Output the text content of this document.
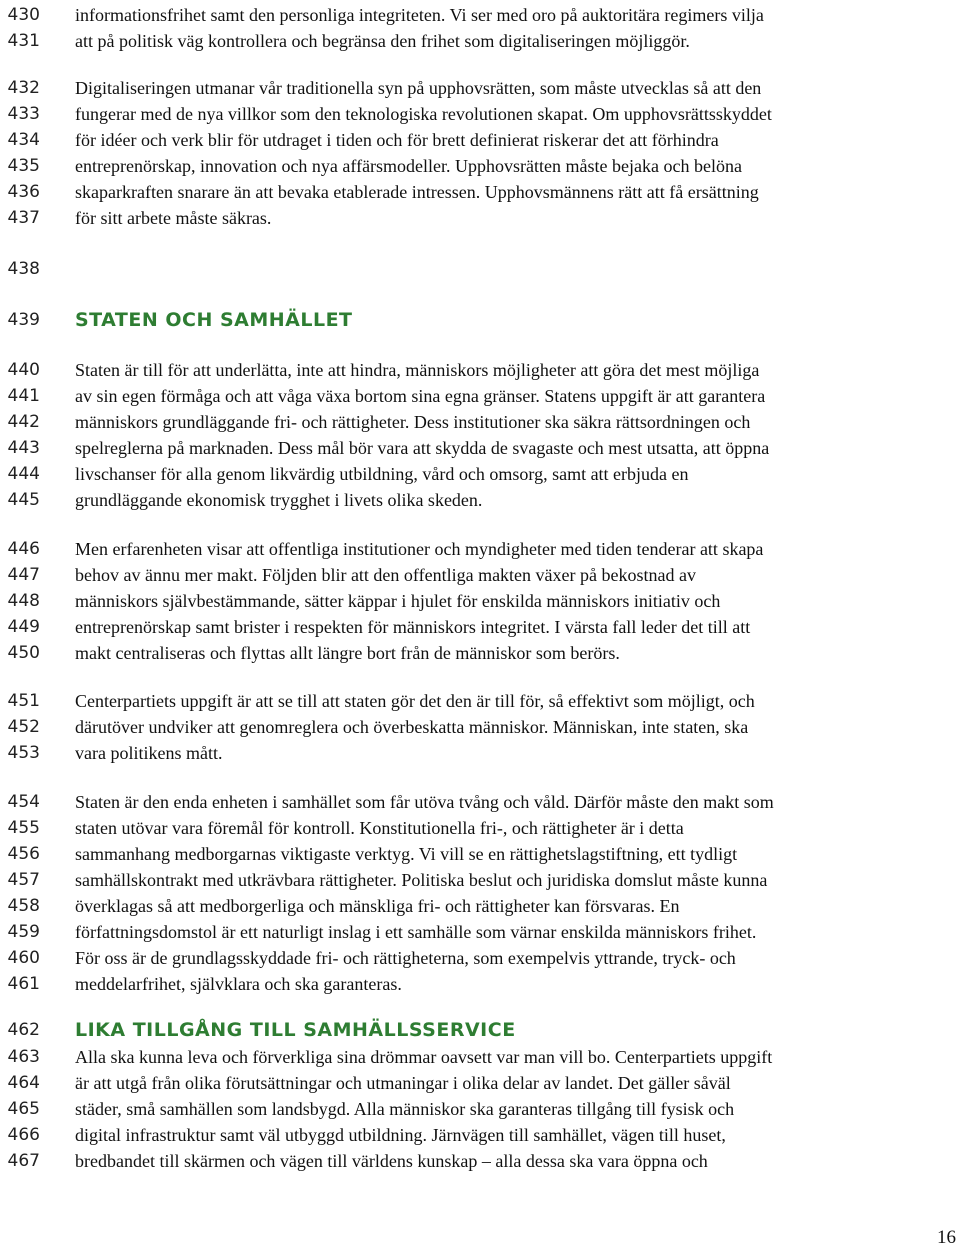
430 informationsfrihet samt den personliga integriteten. Vi ser med oro på auktoritära regimers vilja
431 att på politisk väg kontrollera och begränsa den frihet som digitaliseringen möjliggör.
432 Digitaliseringen utmanar vår traditionella syn på upphovsrätten, som måste utvecklas så att den
433 fungerar med de nya villkor som den teknologiska revolutionen skapat. Om upphovsrättsskyddet
434 för idéer och verk blir för utdraget i tiden och för brett definierat riskerar det att förhindra
435 entreprenörskap, innovation och nya affärsmodeller. Upphovsrätten måste bejaka och belöna
436 skaparkraften snarare än att bevaka etablerade intressen. Upphovsmännens rätt att få ersättning
437 för sitt arbete måste säkras.
438
439 STATEN OCH SAMHÄLLET
440 Staten är till för att underlätta, inte att hindra, människors möjligheter att göra det mest möjliga
441 av sin egen förmåga och att våga växa bortom sina egna gränser. Statens uppgift är att garantera
442 människors grundläggande fri- och rättigheter. Dess institutioner ska säkra rättsordningen och
443 spelreglerna på marknaden. Dess mål bör vara att skydda de svagaste och mest utsatta, att öppna
444 livschanser för alla genom likvärdig utbildning, vård och omsorg, samt att erbjuda en
445 grundläggande ekonomisk trygghet i livets olika skeden.
446 Men erfarenheten visar att offentliga institutioner och myndigheter med tiden tenderar att skapa
447 behov av ännu mer makt. Följden blir att den offentliga makten växer på bekostnad av
448 människors självbestämmande, sätter käppar i hjulet för enskilda människors initiativ och
449 entreprenörskap samt brister i respekten för människors integritet. I värsta fall leder det till att
450 makt centraliseras och flyttas allt längre bort från de människor som berörs.
451 Centerpartiets uppgift är att se till att staten gör det den är till för, så effektivt som möjligt, och
452 därutöver undviker att genomreglera och överbeskatta människor. Människan, inte staten, ska
453 vara politikens mått.
454 Staten är den enda enheten i samhället som får utöva tvång och våld. Därför måste den makt som
455 staten utövar vara föremål för kontroll. Konstitutionella fri-, och rättigheter är i detta
456 sammanhang medborgarnas viktigaste verktyg. Vi vill se en rättighetslagstiftning, ett tydligt
457 samhällskontrakt med utkrävbara rättigheter. Politiska beslut och juridiska domslut måste kunna
458 överklagas så att medborgerliga och mänskliga fri- och rättigheter kan försvaras. En
459 författningsdomstol är ett naturligt inslag i ett samhälle som värnar enskilda människors frihet.
460 För oss är de grundlagsskyddade fri- och rättigheterna, som exempelvis yttrande, tryck- och
461 meddelarfrihet, självklara och ska garanteras.
462 LIKA TILLGÅNG TILL SAMHÄLLSSERVICE
463 Alla ska kunna leva och förverkliga sina drömmar oavsett var man vill bo. Centerpartiets uppgift
464 är att utgå från olika förutsättningar och utmaningar i olika delar av landet. Det gäller såväl
465 städer, små samhällen som landsbygd. Alla människor ska garanteras tillgång till fysisk och
466 digital infrastruktur samt väl utbyggd utbildning. Järnvägen till samhället, vägen till huset,
467 bredbandet till skärmen och vägen till världens kunskap – alla dessa ska vara öppna och
16
